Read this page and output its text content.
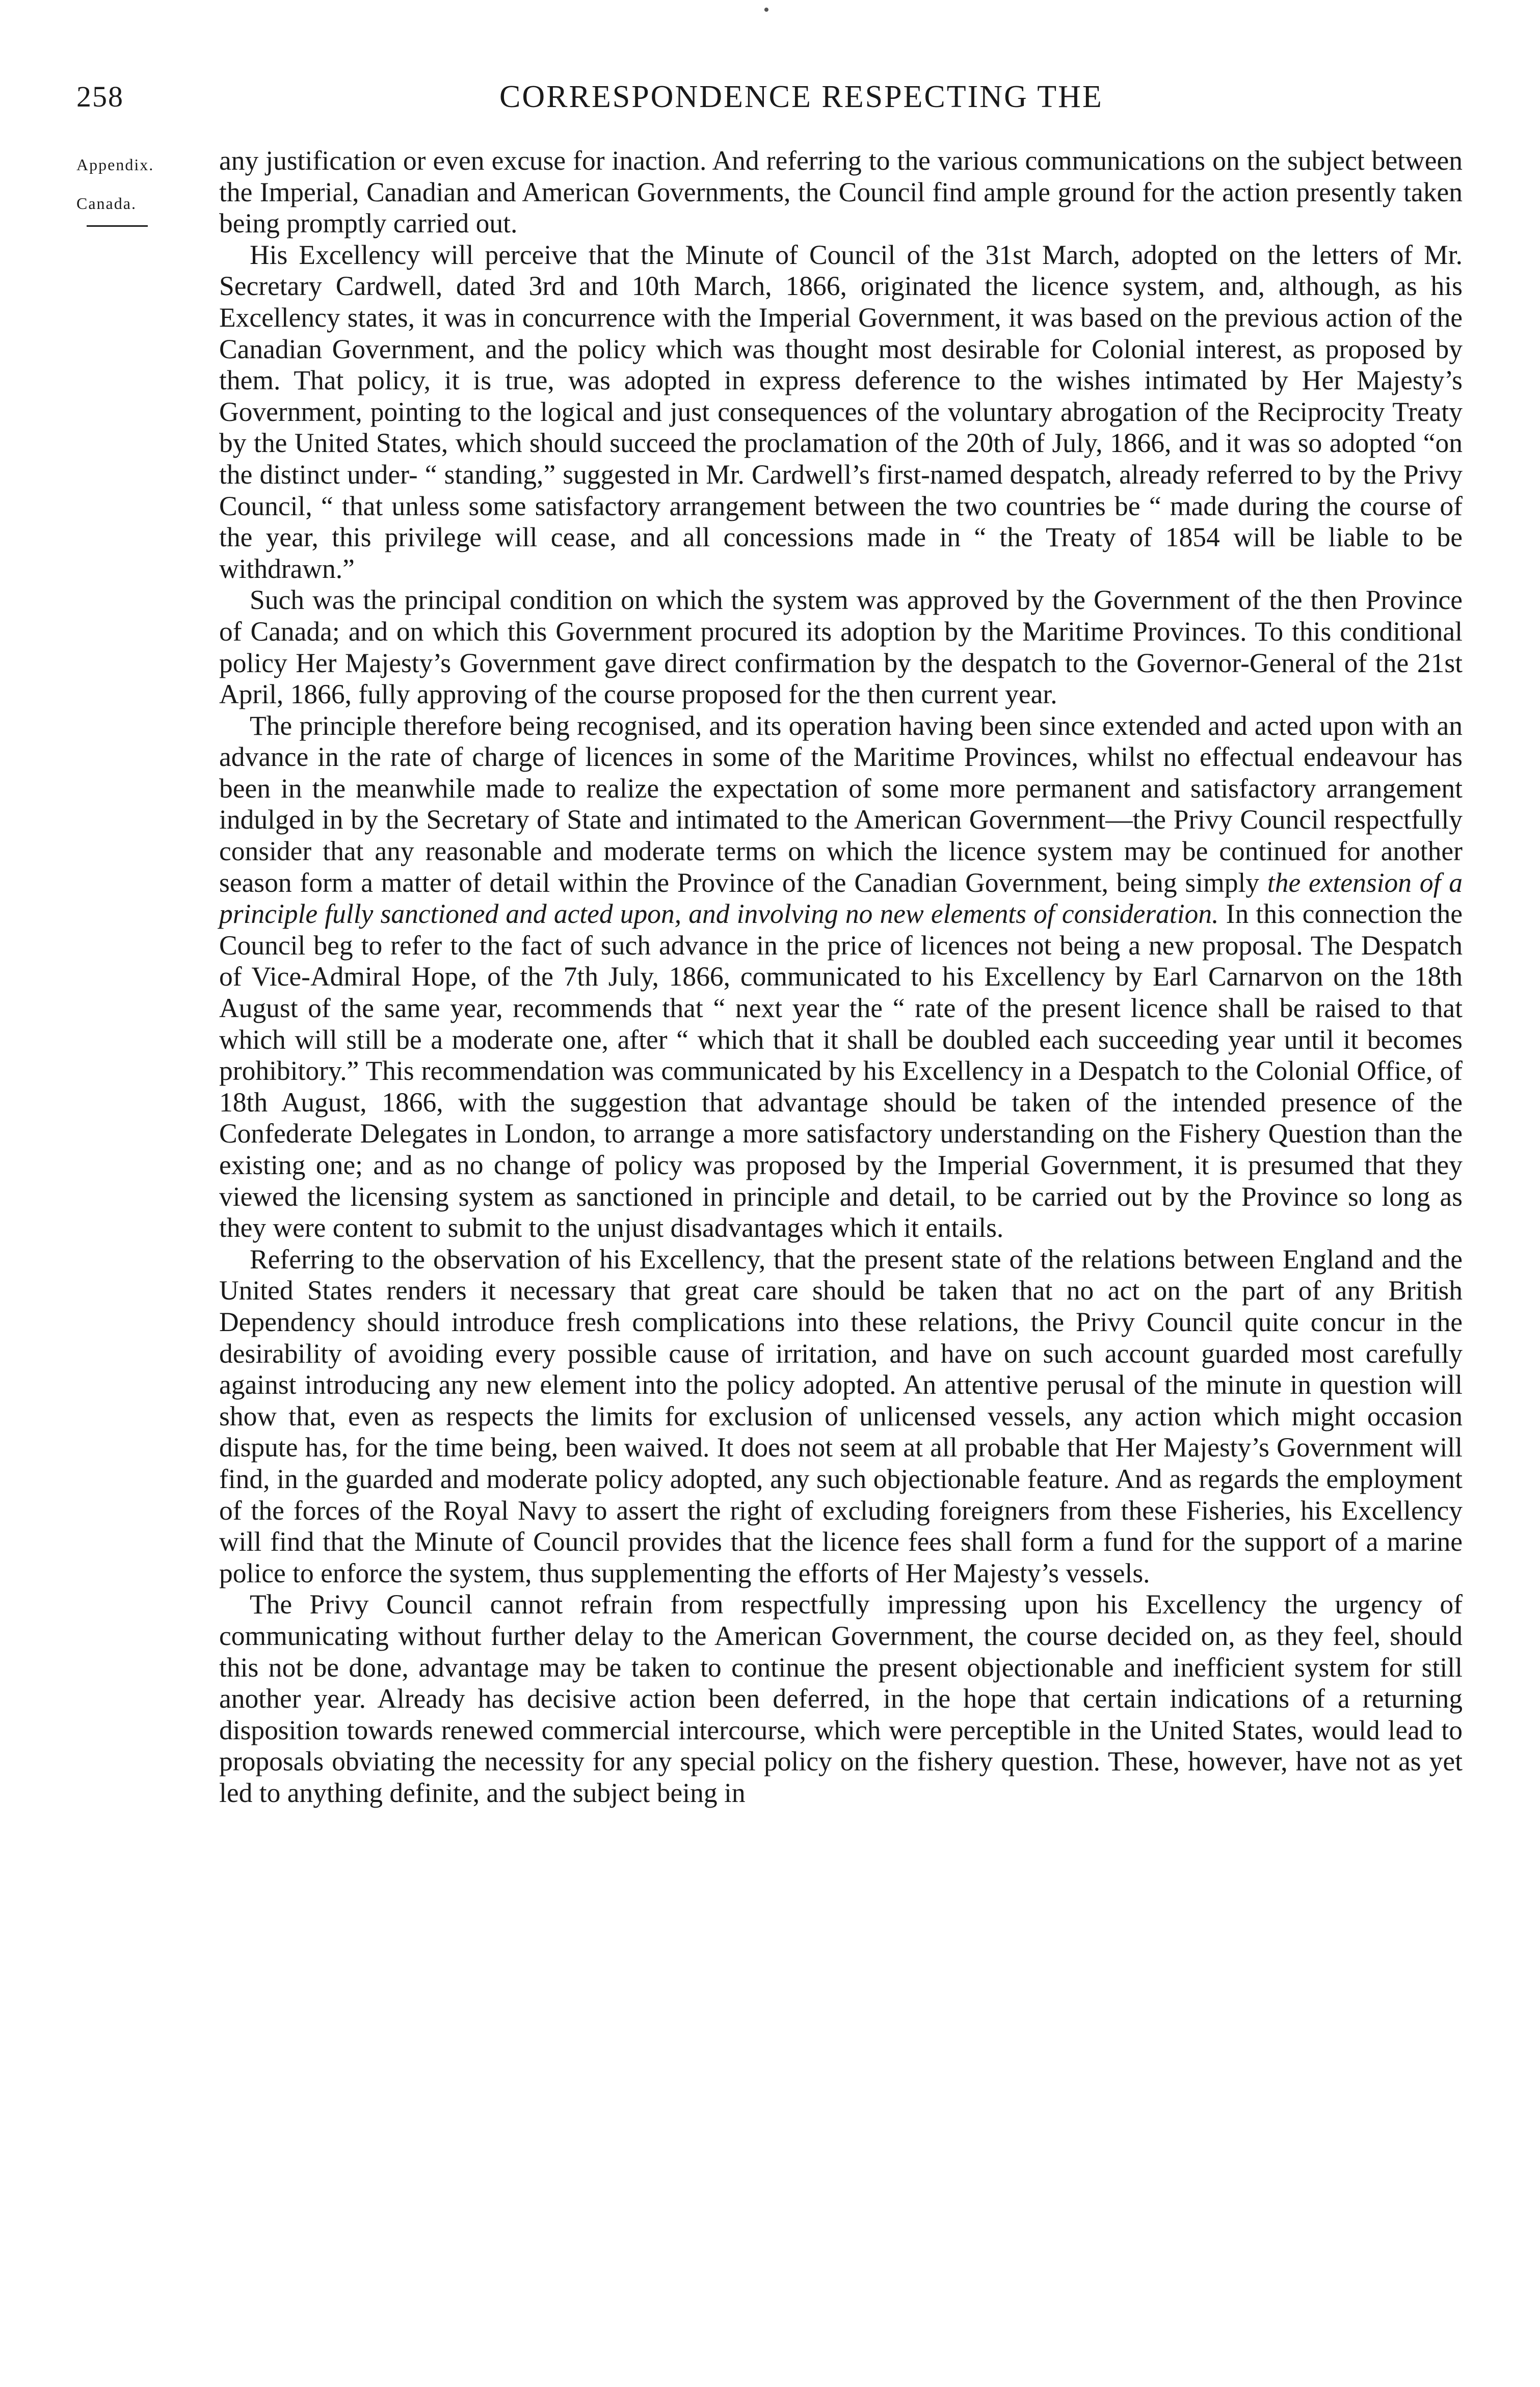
•
258	CORRESPONDENCE RESPECTING THE
Appendix.
Canada.

any justification or even excuse for inaction. And referring to the various communications on the subject between the Imperial, Canadian and American Governments, the Council find ample ground for the action presently taken being promptly carried out.

His Excellency will perceive that the Minute of Council of the 31st March, adopted on the letters of Mr. Secretary Cardwell, dated 3rd and 10th March, 1866, originated the licence system, and, although, as his Excellency states, it was in concurrence with the Imperial Government, it was based on the previous action of the Canadian Government, and the policy which was thought most desirable for Colonial interest, as proposed by them. That policy, it is true, was adopted in express deference to the wishes intimated by Her Majesty’s Government, pointing to the logical and just consequences of the voluntary abrogation of the Reciprocity Treaty by the United States, which should succeed the proclamation of the 20th of July, 1866, and it was so adopted “on the distinct under- “ standing,” suggested in Mr. Cardwell’s first-named despatch, already referred to by the Privy Council, “ that unless some satisfactory arrangement between the two countries be “ made during the course of the year, this privilege will cease, and all concessions made in “ the Treaty of 1854 will be liable to be withdrawn.”

Such was the principal condition on which the system was approved by the Government of the then Province of Canada; and on which this Government procured its adoption by the Maritime Provinces. To this conditional policy Her Majesty’s Government gave direct confirmation by the despatch to the Governor-General of the 21st April, 1866, fully approving of the course proposed for the then current year.

The principle therefore being recognised, and its operation having been since extended and acted upon with an advance in the rate of charge of licences in some of the Maritime Provinces, whilst no effectual endeavour has been in the meanwhile made to realize the expectation of some more permanent and satisfactory arrangement indulged in by the Secretary of State and intimated to the American Government—the Privy Council respectfully consider that any reasonable and moderate terms on which the licence system may be continued for another season form a matter of detail within the Province of the Canadian Government, being simply the extension of a principle fully sanctioned and acted upon, and involving no new elements of consideration. In this connection the Council beg to refer to the fact of such advance in the price of licences not being a new proposal. The Despatch of Vice-Admiral Hope, of the 7th July, 1866, communicated to his Excellency by Earl Carnarvon on the 18th August of the same year, recommends that “ next year the “ rate of the present licence shall be raised to that which will still be a moderate one, after “ which that it shall be doubled each succeeding year until it becomes prohibitory.” This recommendation was communicated by his Excellency in a Despatch to the Colonial Office, of 18th August, 1866, with the suggestion that advantage should be taken of the intended presence of the Confederate Delegates in London, to arrange a more satisfactory understanding on the Fishery Question than the existing one; and as no change of policy was proposed by the Imperial Government, it is presumed that they viewed the licensing system as sanctioned in principle and detail, to be carried out by the Province so long as they were content to submit to the unjust disadvantages which it entails.

Referring to the observation of his Excellency, that the present state of the relations between England and the United States renders it necessary that great care should be taken that no act on the part of any British Dependency should introduce fresh complications into these relations, the Privy Council quite concur in the desirability of avoiding every possible cause of irritation, and have on such account guarded most carefully against introducing any new element into the policy adopted. An attentive perusal of the minute in question will show that, even as respects the limits for exclusion of unlicensed vessels, any action which might occasion dispute has, for the time being, been waived. It does not seem at all probable that Her Majesty’s Government will find, in the guarded and moderate policy adopted, any such objectionable feature. And as regards the employment of the forces of the Royal Navy to assert the right of excluding foreigners from these Fisheries, his Excellency will find that the Minute of Council provides that the licence fees shall form a fund for the support of a marine police to enforce the system, thus supplementing the efforts of Her Majesty’s vessels.

The Privy Council cannot refrain from respectfully impressing upon his Excellency the urgency of communicating without further delay to the American Government, the course decided on, as they feel, should this not be done, advantage may be taken to continue the present objectionable and inefficient system for still another year. Already has decisive action been deferred, in the hope that certain indications of a returning disposition towards renewed commercial intercourse, which were perceptible in the United States, would lead to proposals obviating the necessity for any special policy on the fishery question. These, however, have not as yet led to anything definite, and the subject being in
